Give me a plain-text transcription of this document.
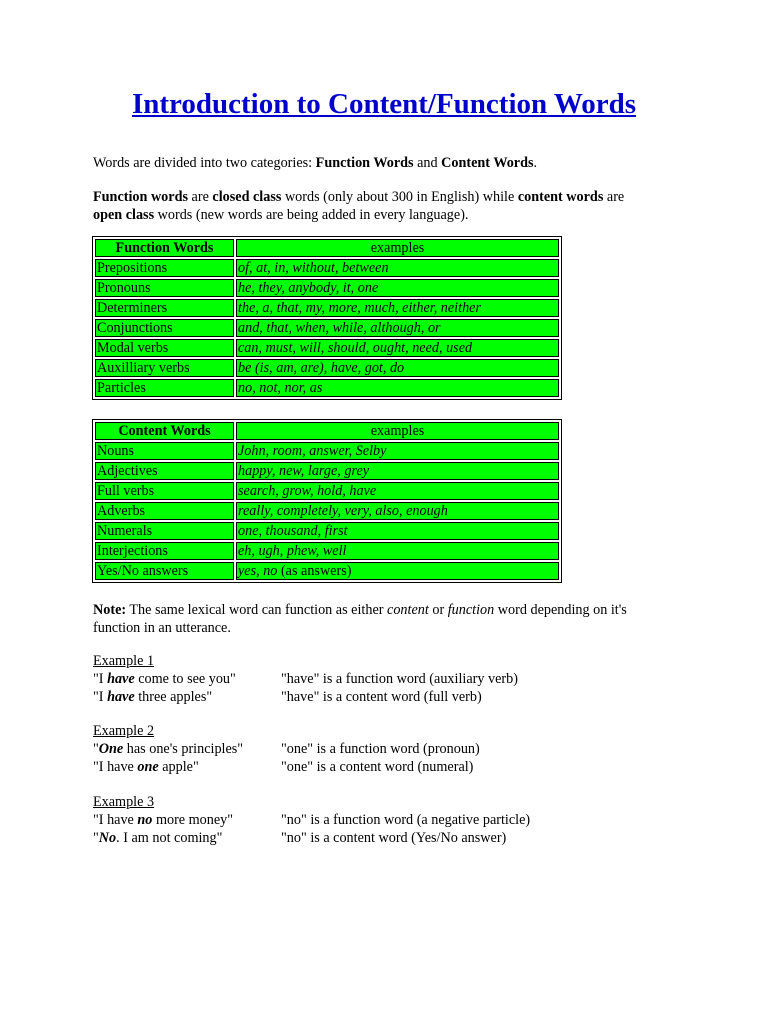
Introduction to Content/Function Words
Words are divided into two categories: Function Words and Content Words.
Function words are closed class words (only about 300 in English) while content words are open class words (new words are being added in every language).
Function Words	examples
Prepositions	of, at, in, without, between
Pronouns	he, they, anybody, it, one
Determiners	the, a, that, my, more, much, either, neither
Conjunctions	and, that, when, while, although, or
Modal verbs	can, must, will, should, ought, need, used
Auxilliary verbs	be (is, am, are), have, got, do
Particles	no, not, nor, as
Content Words	examples
Nouns	John, room, answer, Selby
Adjectives	happy, new, large, grey
Full verbs	search, grow, hold, have
Adverbs	really, completely, very, also, enough
Numerals	one, thousand, first
Interjections	eh, ugh, phew, well
Yes/No answers	yes, no (as answers)
Note: The same lexical word can function as either content or function word depending on it's function in an utterance.
Example 1
"I have come to see you"	"have" is a function word (auxiliary verb)
"I have three apples"	"have" is a content word (full verb)
Example 2
"One has one's principles"	"one" is a function word (pronoun)
"I have one apple"	"one" is a content word (numeral)
Example 3
"I have no more money"	"no" is a function word (a negative particle)
"No. I am not coming"	"no" is a content word (Yes/No answer)
